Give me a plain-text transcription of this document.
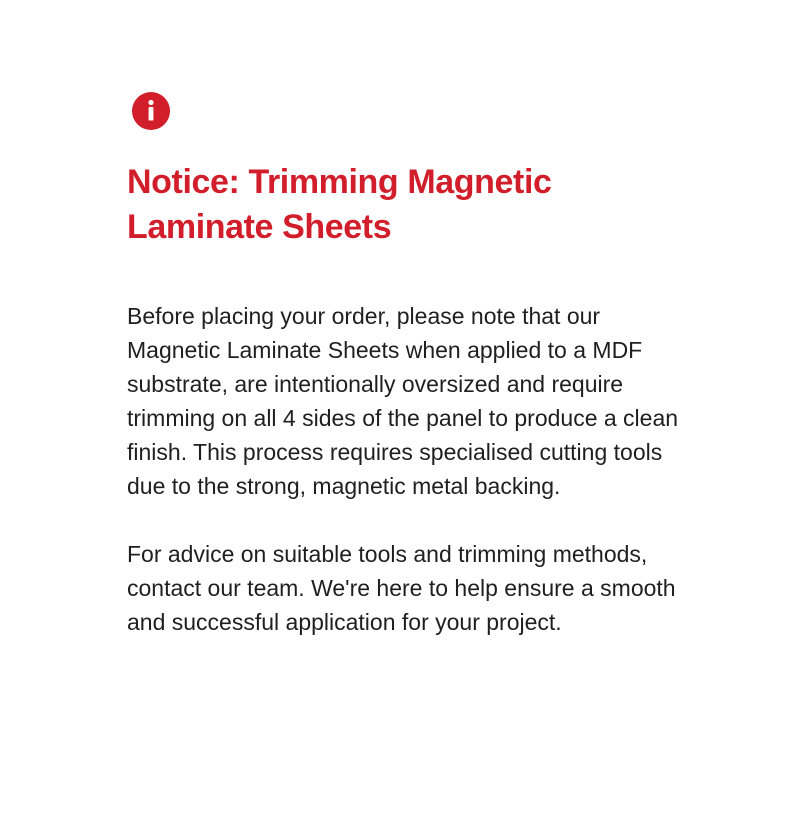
Notice: Trimming Magnetic Laminate Sheets

Before placing your order, please note that our Magnetic Laminate Sheets when applied to a MDF substrate, are intentionally oversized and require trimming on all 4 sides of the panel to produce a clean finish. This process requires specialised cutting tools due to the strong, magnetic metal backing.

For advice on suitable tools and trimming methods, contact our team. We're here to help ensure a smooth and successful application for your project.
